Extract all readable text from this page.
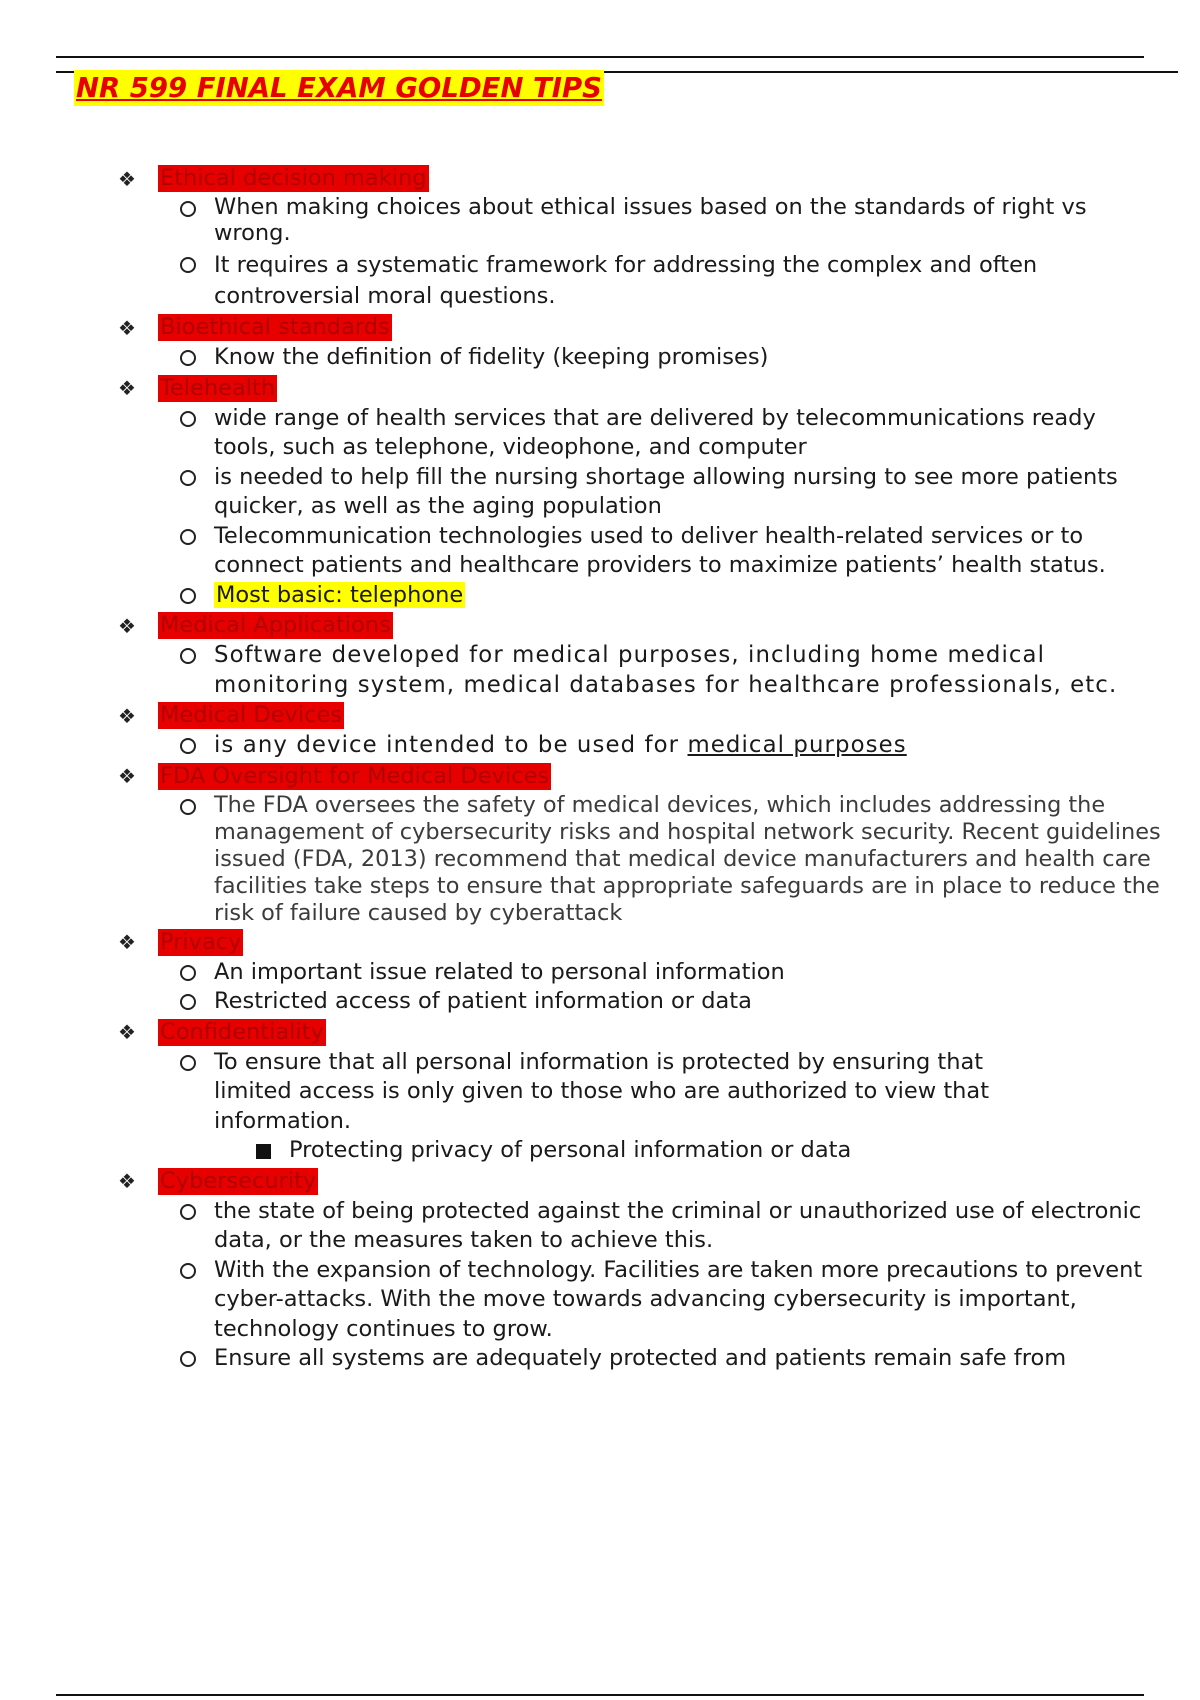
NR 599 FINAL EXAM GOLDEN TIPS
❖	Ethical decision making
When making choices about ethical issues based on the standards of right vs wrong.
It requires a systematic framework for addressing the complex and often controversial moral questions.
❖	Bioethical standards
Know the definition of fidelity (keeping promises)
❖	Telehealth
wide range of health services that are delivered by telecommunications ready tools, such as telephone, videophone, and computer
is needed to help fill the nursing shortage allowing nursing to see more patients quicker, as well as the aging population
Telecommunication technologies used to deliver health-related services or to connect patients and healthcare providers to maximize patients’ health status.
Most basic: telephone
❖	Medical Applications
Software developed for medical purposes, including home medical monitoring system, medical databases for healthcare professionals, etc.
❖	Medical Devices
is any device intended to be used for medical purposes
❖	FDA Oversight for Medical Devices
The FDA oversees the safety of medical devices, which includes addressing the management of cybersecurity risks and hospital network security. Recent guidelines issued (FDA, 2013) recommend that medical device manufacturers and health care facilities take steps to ensure that appropriate safeguards are in place to reduce the risk of failure caused by cyberattack
❖	Privacy
An important issue related to personal information
Restricted access of patient information or data
❖	Confidentiality
To ensure that all personal information is protected by ensuring that limited access is only given to those who are authorized to view that information.
Protecting privacy of personal information or data
❖	Cybersecurity
the state of being protected against the criminal or unauthorized use of electronic data, or the measures taken to achieve this.
With the expansion of technology. Facilities are taken more precautions to prevent cyber-attacks. With the move towards advancing cybersecurity is important, technology continues to grow.
Ensure all systems are adequately protected and patients remain safe from
